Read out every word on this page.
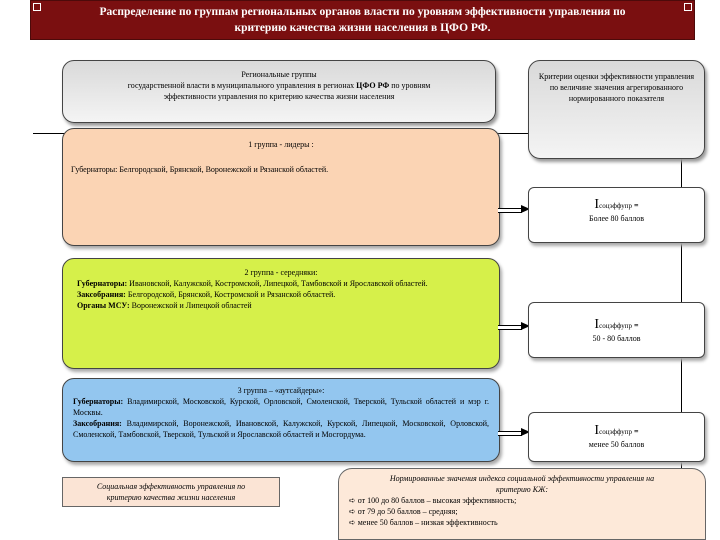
Распределение по группам региональных органов власти по уровням эффективности управления по
критерию качества жизни населения в ЦФО РФ.
Региональные группы
государственной власти в муниципального управления в регионах ЦФО РФ по уровням
эффективности управления по критерию качества жизни населения
Критерии оценки эффективности управления по величине значения агрегированного нормированного показателя
1 группа - лидеры :
Губернаторы: Белгородской, Брянской, Воронежской и Рязанской областей.
2 группа - середняки:
Губернаторы: Ивановской, Калужской, Костромской, Липецкой, Тамбовской и Ярославской областей.
Заксобрания: Белгородской, Брянской, Костромской и Рязанской областей.
Органы МСУ: Воронежской и Липецкой областей
3 группа – «аутсайдеры»:
Губернаторы: Владимирской, Московской, Курской, Орловской, Смоленской, Тверской, Тульской областей и мэр г. Москвы.
Заксобрания: Владимирской, Воронежской, Ивановской, Калужской, Курской, Липецкой, Московской, Орловской, Смоленской, Тамбовской, Тверской, Тульской и Ярославской областей и Мосгордума.
Iсоцэффупр =
Более 80 баллов
Iсоцэффупр =
50 - 80 баллов
Iсоцэффупр =
менее 50 баллов
Социальная эффективность управления по
критерию качества жизни населения
Нормированные значения индекса социальной эффективности управления на
критерию КЖ:
➪ от 100 до 80 баллов – высокая эффективность;
➪ от 79 до 50 баллов – средняя;
➪ менее 50 баллов – низкая эффективность
